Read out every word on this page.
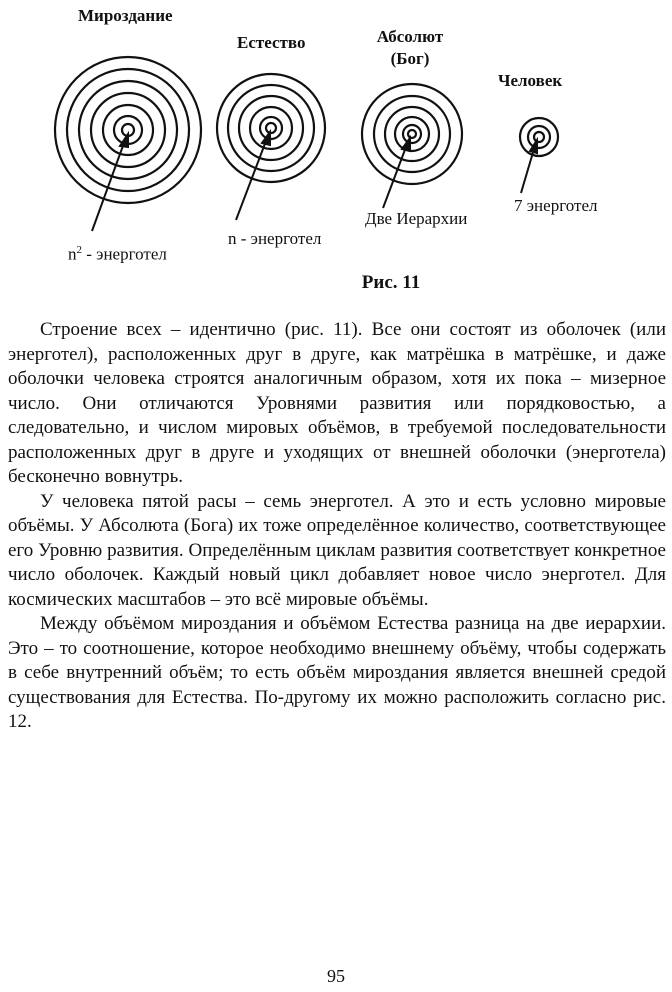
Мироздание
Естество	Абсолют
(Бог)
Человек
$n^2$ - энерготел
n - энерготел
Две Иерархии
7 энерготел
Рис. 11

Строение всех – идентично (рис. 11). Все они состоят из оболочек (или энерготел), расположенных друг в друге, как матрёшка в матрёшке, и даже оболочки человека строятся аналогичным образом, хотя их пока – мизерное число. Они отличаются Уровнями развития или порядковостью, а следовательно, и числом мировых объёмов, в требуемой последовательности расположенных друг в друге и уходящих от внешней оболочки (энерготела) бесконечно вовнутрь.

У человека пятой расы – семь энерготел. А это и есть условно мировые объёмы. У Абсолюта (Бога) их тоже определённое количество, соответствующее его Уровню развития. Определённым циклам развития соответствует конкретное число оболочек. Каждый новый цикл добавляет новое число энерготел. Для космических масштабов – это всё мировые объёмы.

Между объёмом мироздания и объёмом Естества разница на две иерархии. Это – то соотношение, которое необходимо внешнему объёму, чтобы содержать в себе внутренний объём; то есть объём мироздания является внешней средой существования для Естества. По-другому их можно расположить согласно рис. 12.

95
